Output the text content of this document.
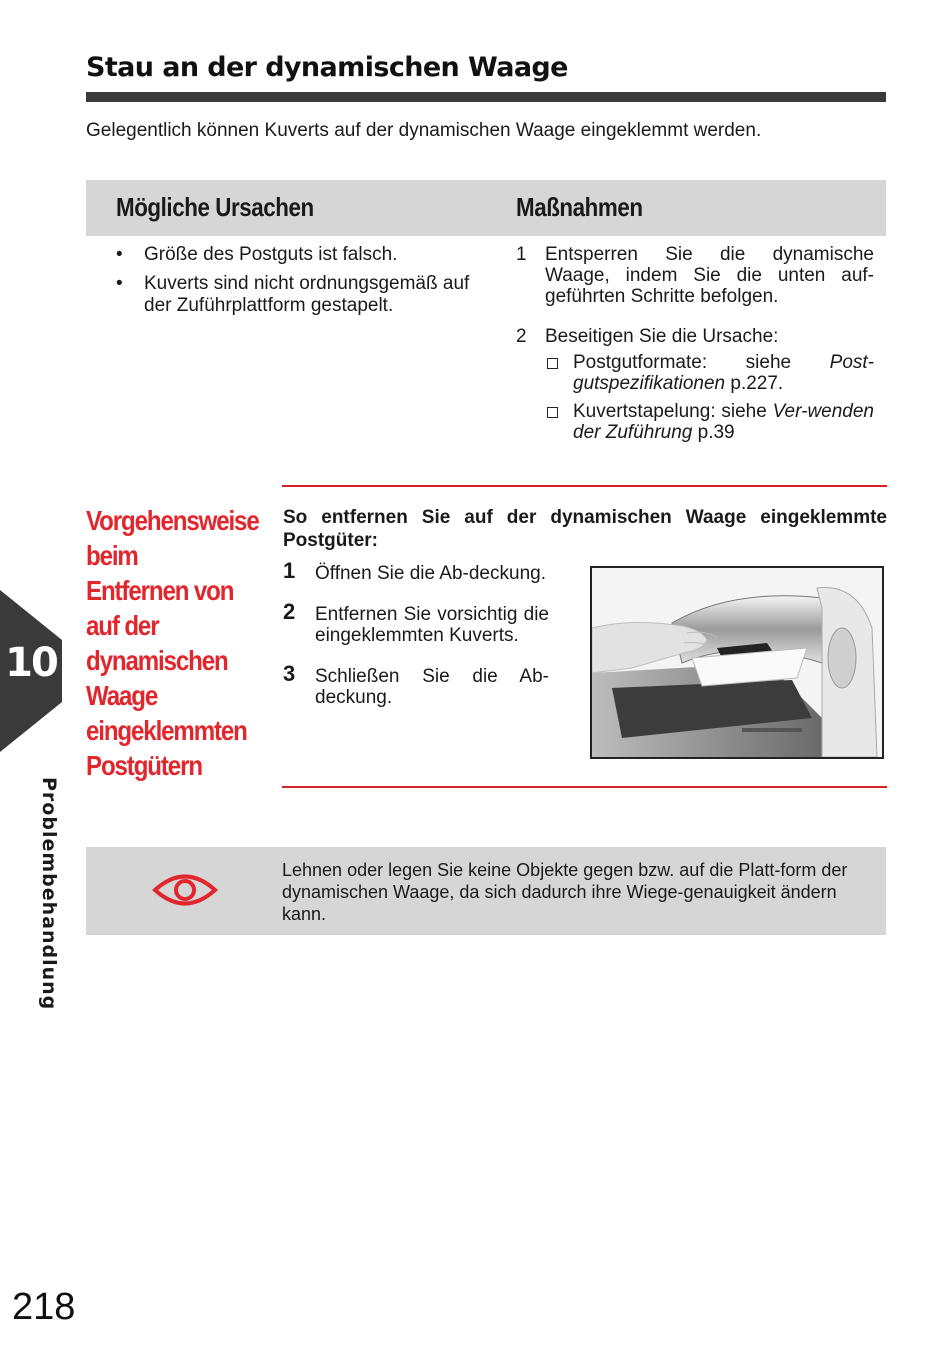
Stau an der dynamischen Waage

Gelegentlich können Kuverts auf der dynamischen Waage eingeklemmt werden.

Mögliche Ursachen	Maßnahmen
• Größe des Postguts ist falsch.
• Kuverts sind nicht ordnungsgemäß auf der Zuführplattform gestapelt.
1 Entsperren Sie die dynamische Waage, indem Sie die unten auf-geführten Schritte befolgen.
2 Beseitigen Sie die Ursache:
Postgutformate: siehe Post-gutspezifikationen p.227.
Kuvertstapelung: siehe Ver-wenden der Zuführung p.39
Vorgehensweise beim Entfernen von auf der dynamischen Waage eingeklemmten Postgütern

So entfernen Sie auf der dynamischen Waage eingeklemmte Postgüter:

1 Öffnen Sie die Ab-deckung.
2 Entfernen Sie vorsichtig die eingeklemmten Kuverts.
3 Schließen Sie die Ab-deckung.

Lehnen oder legen Sie keine Objekte gegen bzw. auf die Platt-form der dynamischen Waage, da sich dadurch ihre Wiege-genauigkeit ändern kann.

10

Problembehandlung

218
